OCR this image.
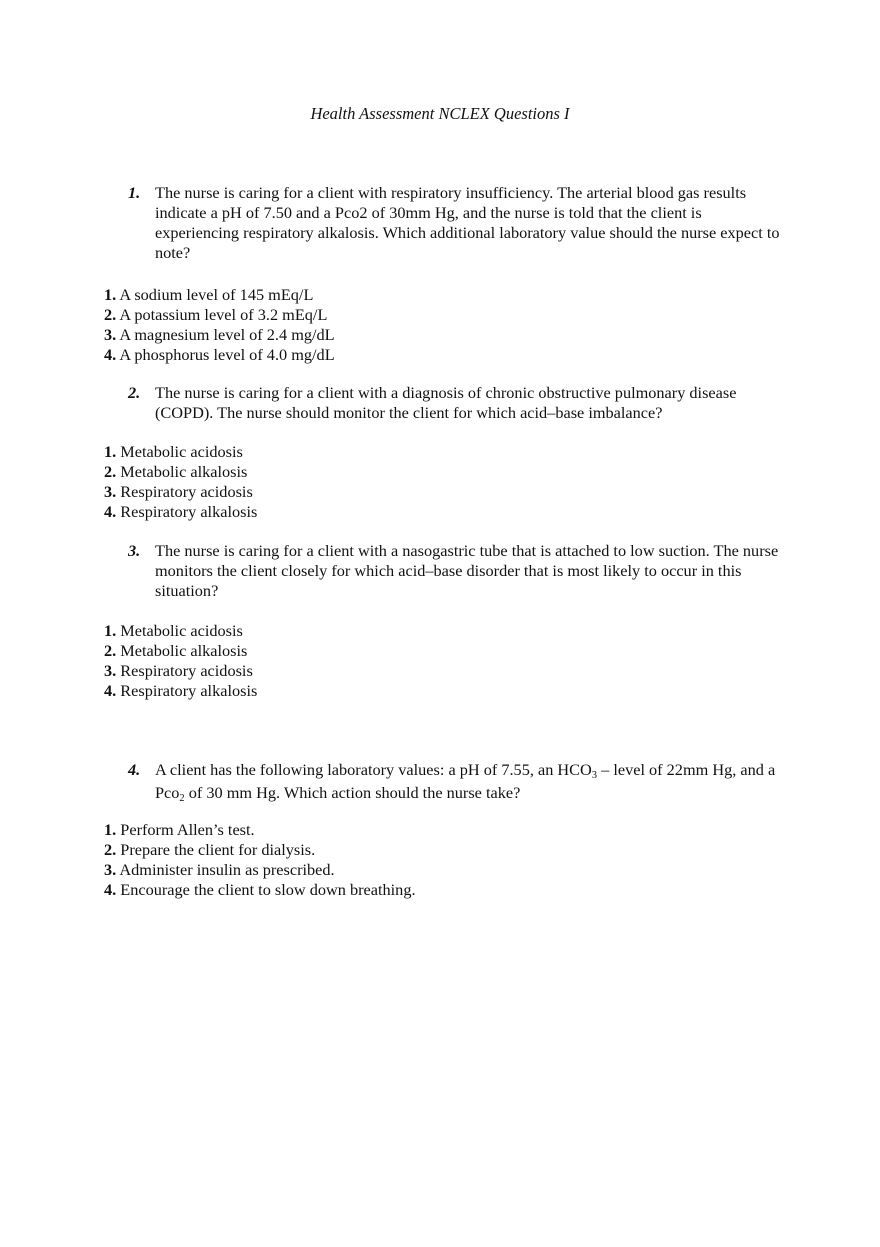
Health Assessment NCLEX Questions I
1. The nurse is caring for a client with respiratory insufficiency. The arterial blood gas results indicate a pH of 7.50 and a Pco2 of 30mm Hg, and the nurse is told that the client is experiencing respiratory alkalosis. Which additional laboratory value should the nurse expect to note?
1. A sodium level of 145 mEq/L
2. A potassium level of 3.2 mEq/L
3. A magnesium level of 2.4 mg/dL
4. A phosphorus level of 4.0 mg/dL
2. The nurse is caring for a client with a diagnosis of chronic obstructive pulmonary disease (COPD). The nurse should monitor the client for which acid–base imbalance?
1. Metabolic acidosis
2. Metabolic alkalosis
3. Respiratory acidosis
4. Respiratory alkalosis
3. The nurse is caring for a client with a nasogastric tube that is attached to low suction. The nurse monitors the client closely for which acid–base disorder that is most likely to occur in this situation?
1. Metabolic acidosis
2. Metabolic alkalosis
3. Respiratory acidosis
4. Respiratory alkalosis
4. A client has the following laboratory values: a pH of 7.55, an $HCO_3$ – level of 22mm Hg, and a Pco$_2$ of 30 mm Hg. Which action should the nurse take?
1. Perform Allen’s test.
2. Prepare the client for dialysis.
3. Administer insulin as prescribed.
4. Encourage the client to slow down breathing.
